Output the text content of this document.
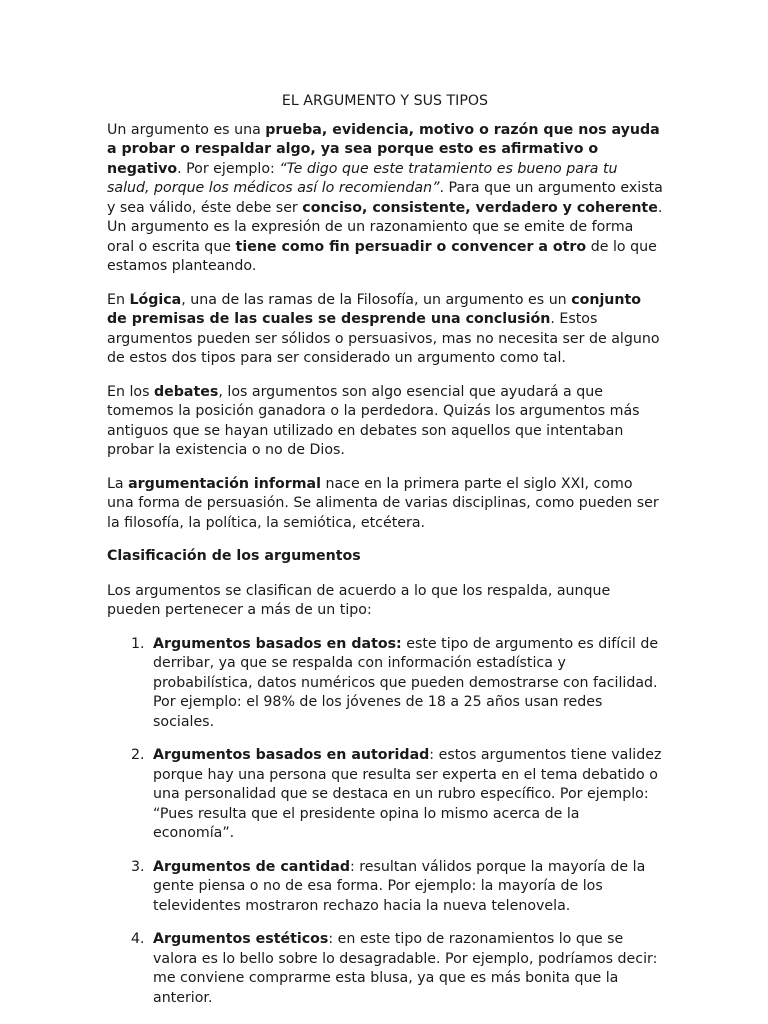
EL ARGUMENTO Y SUS TIPOS

Un argumento es una prueba, evidencia, motivo o razón que nos ayuda a probar o respaldar algo, ya sea porque esto es afirmativo o negativo. Por ejemplo: “Te digo que este tratamiento es bueno para tu salud, porque los médicos así lo recomiendan”. Para que un argumento exista y sea válido, éste debe ser conciso, consistente, verdadero y coherente. Un argumento es la expresión de un razonamiento que se emite de forma oral o escrita que tiene como fin persuadir o convencer a otro de lo que estamos planteando.

En Lógica, una de las ramas de la Filosofía, un argumento es un conjunto de premisas de las cuales se desprende una conclusión. Estos argumentos pueden ser sólidos o persuasivos, mas no necesita ser de alguno de estos dos tipos para ser considerado un argumento como tal.

En los debates, los argumentos son algo esencial que ayudará a que tomemos la posición ganadora o la perdedora. Quizás los argumentos más antiguos que se hayan utilizado en debates son aquellos que intentaban probar la existencia o no de Dios.

La argumentación informal nace en la primera parte el siglo XXI, como una forma de persuasión. Se alimenta de varias disciplinas, como pueden ser la filosofía, la política, la semiótica, etcétera.

Clasificación de los argumentos

Los argumentos se clasifican de acuerdo a lo que los respalda, aunque pueden pertenecer a más de un tipo:

1. Argumentos basados en datos: este tipo de argumento es difícil de derribar, ya que se respalda con información estadística y probabilística, datos numéricos que pueden demostrarse con facilidad. Por ejemplo: el 98% de los jóvenes de 18 a 25 años usan redes sociales.
2. Argumentos basados en autoridad: estos argumentos tiene validez porque hay una persona que resulta ser experta en el tema debatido o una personalidad que se destaca en un rubro específico. Por ejemplo: “Pues resulta que el presidente opina lo mismo acerca de la economía”.
3. Argumentos de cantidad: resultan válidos porque la mayoría de la gente piensa o no de esa forma. Por ejemplo: la mayoría de los televidentes mostraron rechazo hacia la nueva telenovela.
4. Argumentos estéticos: en este tipo de razonamientos lo que se valora es lo bello sobre lo desagradable. Por ejemplo, podríamos decir: me conviene comprarme esta blusa, ya que es más bonita que la anterior.
